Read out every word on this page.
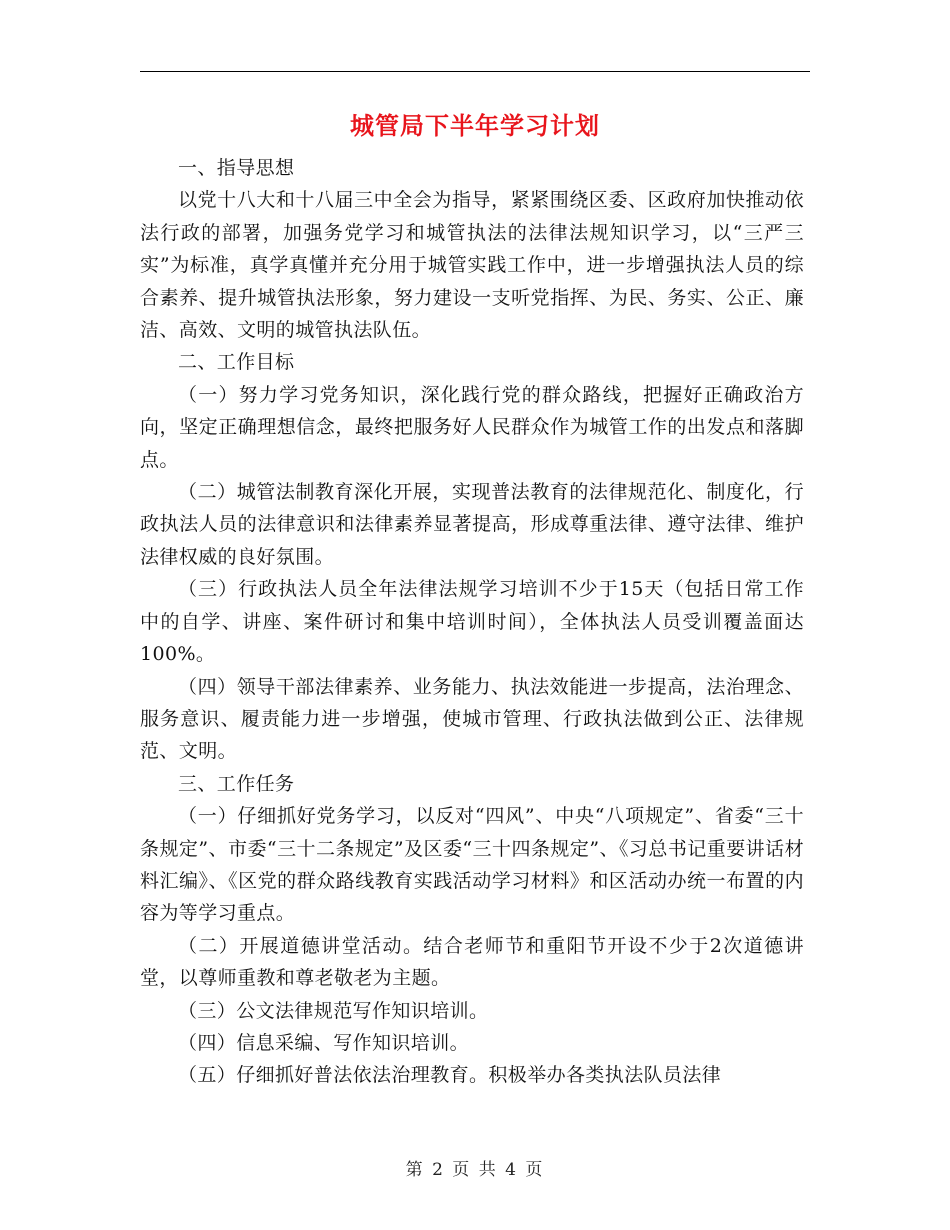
城管局下半年学习计划

一、指导思想

以党十八大和十八届三中全会为指导，紧紧围绕区委、区政府加快推动依法行政的部署，加强务党学习和城管执法的法律法规知识学习，以“三严三实”为标准，真学真懂并充分用于城管实践工作中，进一步增强执法人员的综合素养、提升城管执法形象，努力建设一支听党指挥、为民、务实、公正、廉洁、高效、文明的城管执法队伍。

二、工作目标

（一）努力学习党务知识，深化践行党的群众路线，把握好正确政治方向，坚定正确理想信念，最终把服务好人民群众作为城管工作的出发点和落脚点。

（二）城管法制教育深化开展，实现普法教育的法律规范化、制度化，行政执法人员的法律意识和法律素养显著提高，形成尊重法律、遵守法律、维护法律权威的良好氛围。

（三）行政执法人员全年法律法规学习培训不少于15天（包括日常工作中的自学、讲座、案件研讨和集中培训时间），全体执法人员受训覆盖面达100%。

（四）领导干部法律素养、业务能力、执法效能进一步提高，法治理念、服务意识、履责能力进一步增强，使城市管理、行政执法做到公正、法律规范、文明。

三、工作任务

（一）仔细抓好党务学习，以反对“四风”、中央“八项规定”、省委“三十条规定”、市委“三十二条规定”及区委“三十四条规定”、《习总书记重要讲话材料汇编》、《区党的群众路线教育实践活动学习材料》和区活动办统一布置的内容为等学习重点。

（二）开展道德讲堂活动。结合老师节和重阳节开设不少于2次道德讲堂，以尊师重教和尊老敬老为主题。

（三）公文法律规范写作知识培训。

（四）信息采编、写作知识培训。

（五）仔细抓好普法依法治理教育。积极举办各类执法队员法律

第 2 页 共 4 页
